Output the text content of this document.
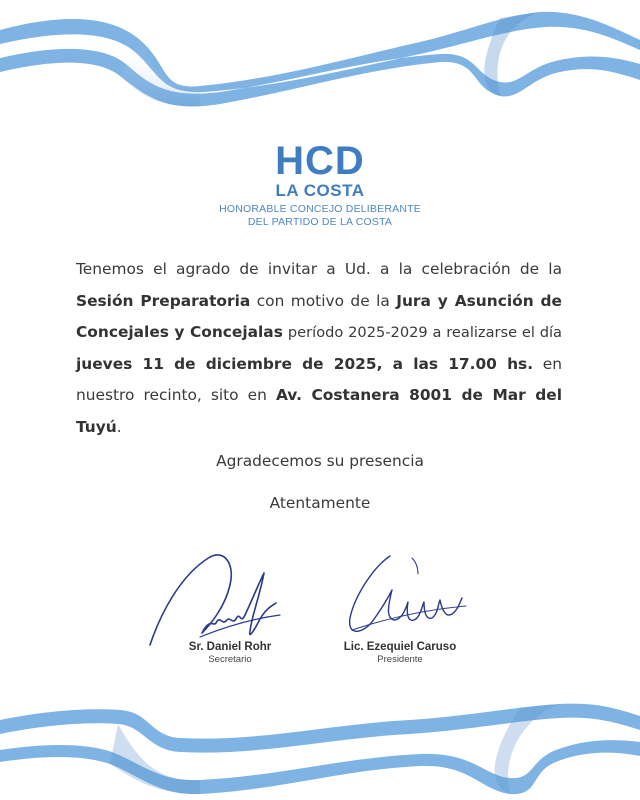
HCD
LA COSTA
HONORABLE CONCEJO DELIBERANTE
DEL PARTIDO DE LA COSTA
Tenemos el agrado de invitar a Ud. a la celebración de la Sesión Preparatoria con motivo de la Jura y Asunción de Concejales y Concejalas período 2025-2029 a realizarse el día jueves 11 de diciembre de 2025, a las 17.00 hs. en nuestro recinto, sito en Av. Costanera 8001 de Mar del Tuyú.
Agradecemos su presencia
Atentamente
Sr. Daniel Rohr
Secretario
Lic. Ezequiel Caruso
Presidente
